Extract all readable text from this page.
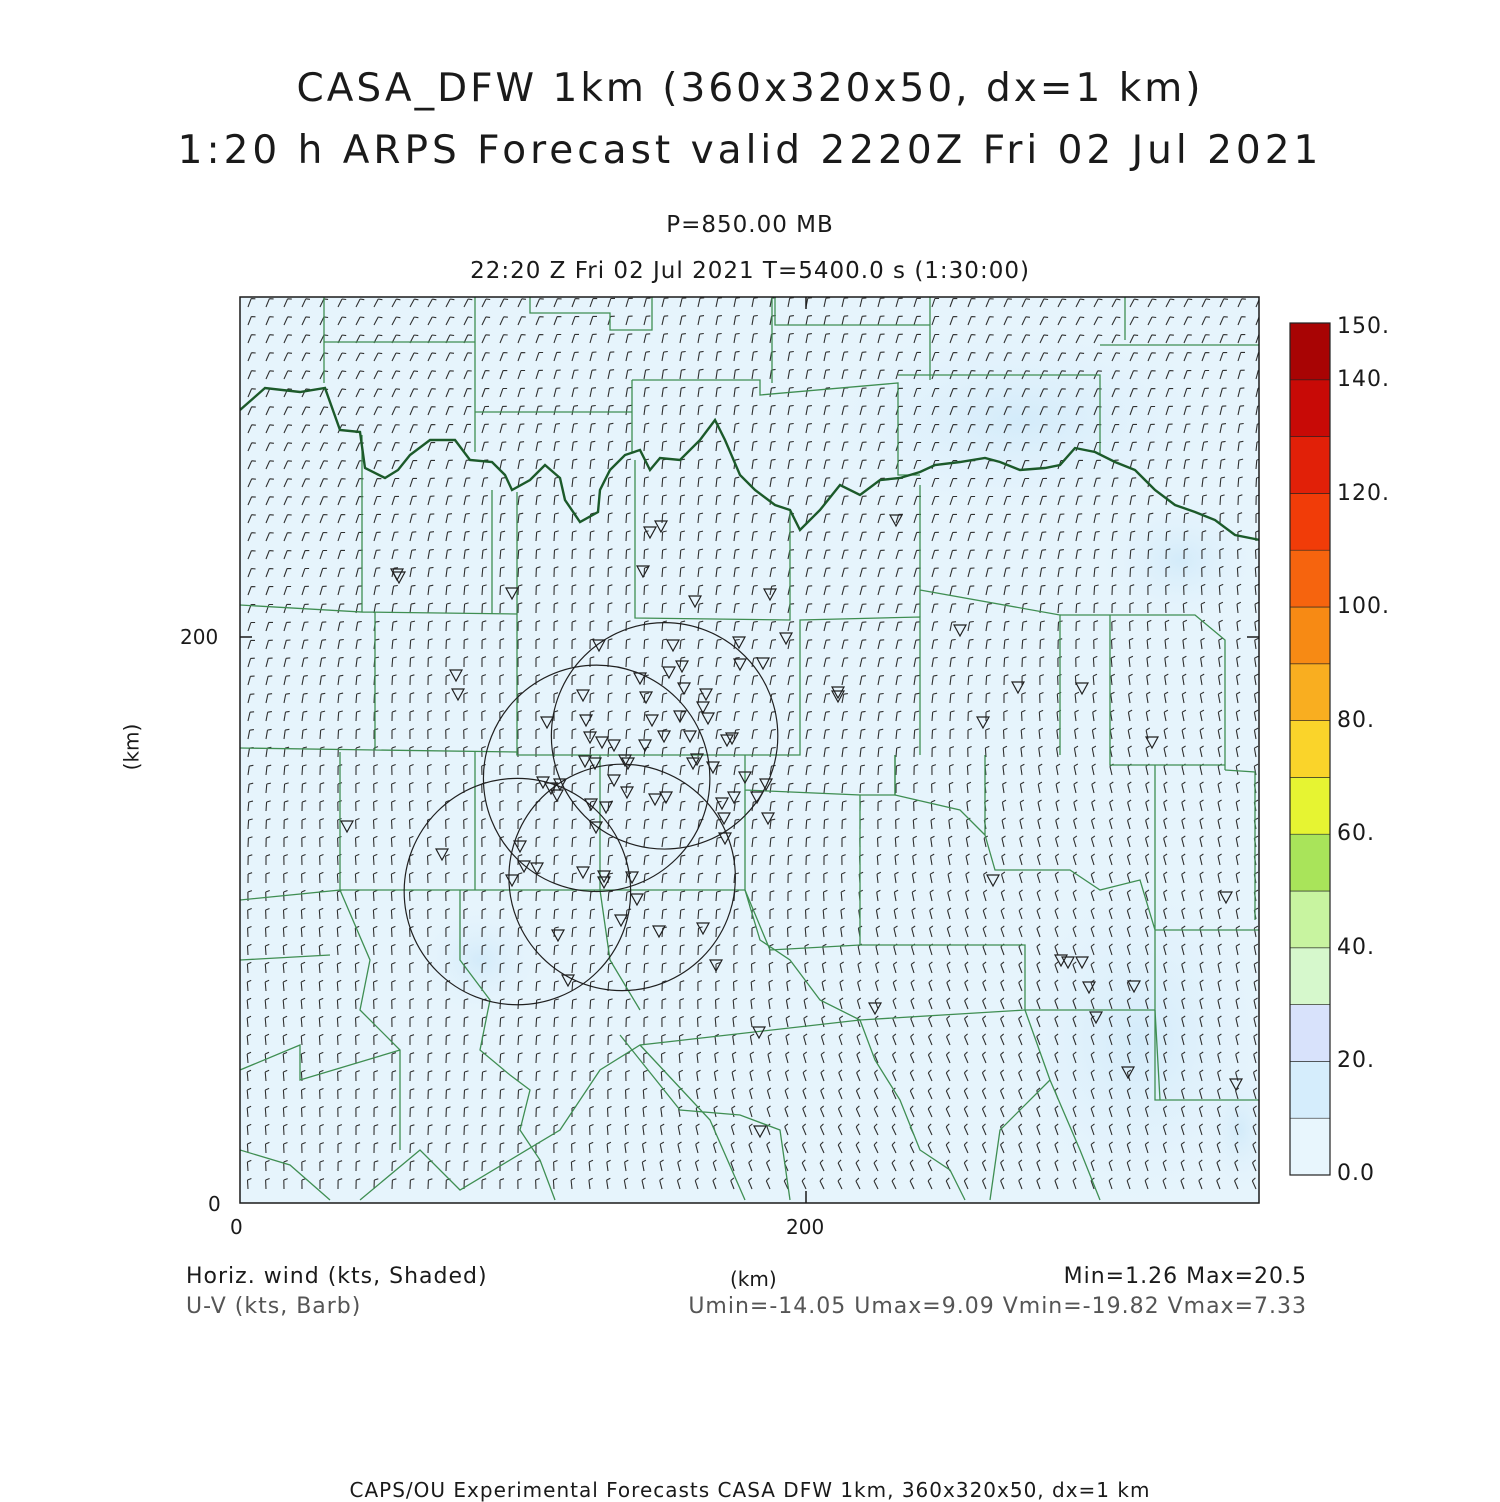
CASA_DFW 1km (360x320x50, dx=1 km)
1:20 h ARPS Forecast valid 2220Z Fri 02 Jul 2021
P=850.00 MB
22:20 Z Fri 02 Jul 2021 T=5400.0 s (1:30:00)
200
0
0	200
(km)
150.
140.
120.
100.
80.
60.
40.
20.
0.0
Horiz. wind (kts, Shaded)
U-V (kts, Barb)
(km)	Min=1.26 Max=20.5
Umin=-14.05 Umax=9.09 Vmin=-19.82 Vmax=7.33
CAPS/OU Experimental Forecasts CASA DFW 1km, 360x320x50, dx=1 km
